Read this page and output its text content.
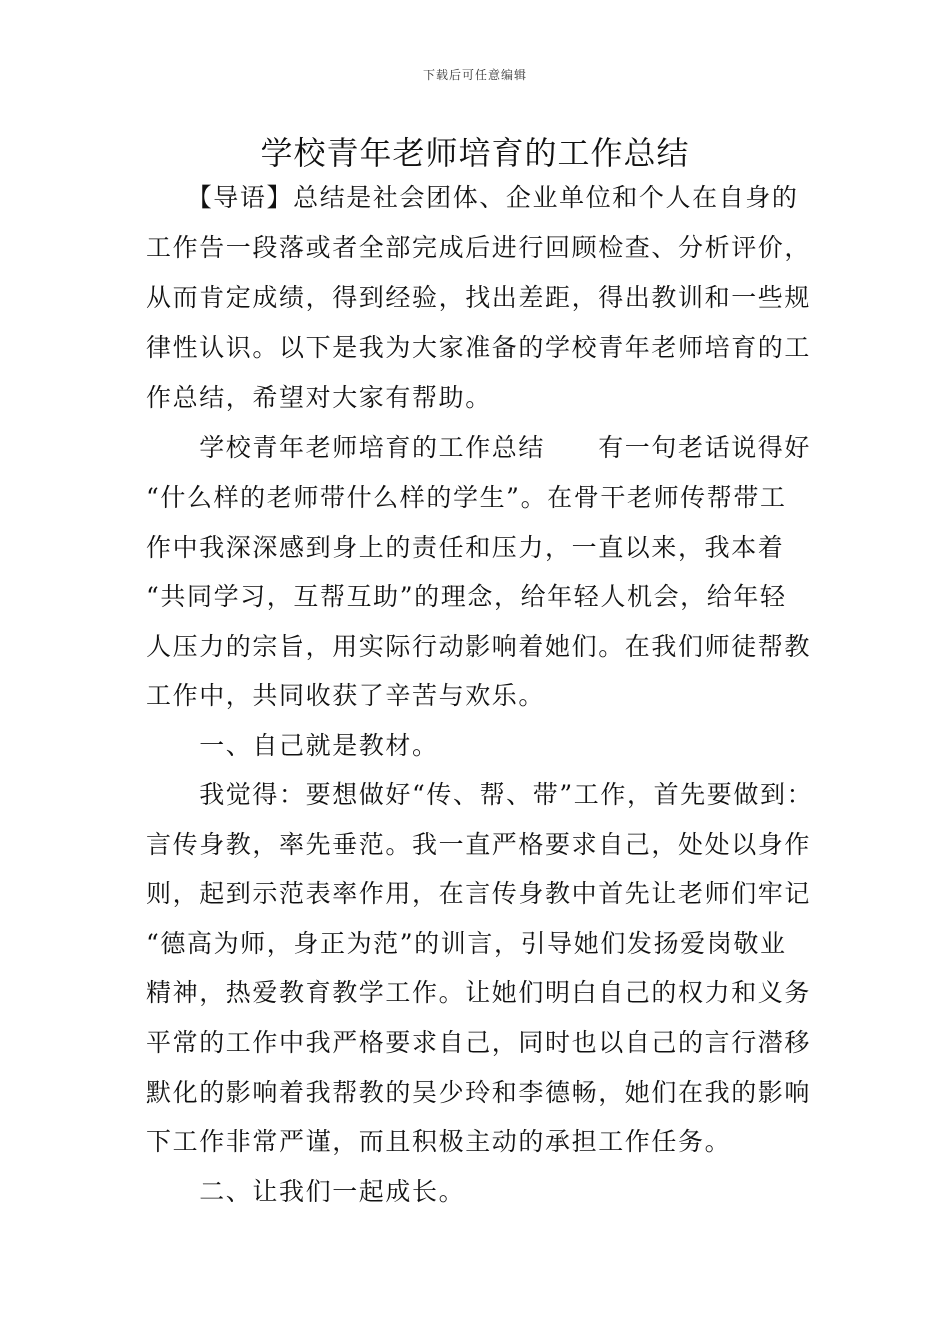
下载后可任意编辑
学校青年老师培育的工作总结
　　【导语】总结是社会团体、企业单位和个人在自身的
工作告一段落或者全部完成后进行回顾检查、分析评价，
从而肯定成绩，得到经验，找出差距，得出教训和一些规
律性认识。以下是我为大家准备的学校青年老师培育的工
作总结，希望对大家有帮助。
　　学校青年老师培育的工作总结　　有一句老话说得好
“什么样的老师带什么样的学生”。在骨干老师传帮带工
作中我深深感到身上的责任和压力，一直以来，我本着
“共同学习，互帮互助”的理念，给年轻人机会，给年轻
人压力的宗旨，用实际行动影响着她们。在我们师徒帮教
工作中，共同收获了辛苦与欢乐。
　　一、自己就是教材。
　　我觉得：要想做好“传、帮、带”工作，首先要做到：
言传身教，率先垂范。我一直严格要求自己，处处以身作
则，起到示范表率作用，在言传身教中首先让老师们牢记
“德高为师，身正为范”的训言，引导她们发扬爱岗敬业
精神，热爱教育教学工作。让她们明白自己的权力和义务
平常的工作中我严格要求自己，同时也以自己的言行潜移
默化的影响着我帮教的吴少玲和李德畅，她们在我的影响
下工作非常严谨，而且积极主动的承担工作任务。
　　二、让我们一起成长。
